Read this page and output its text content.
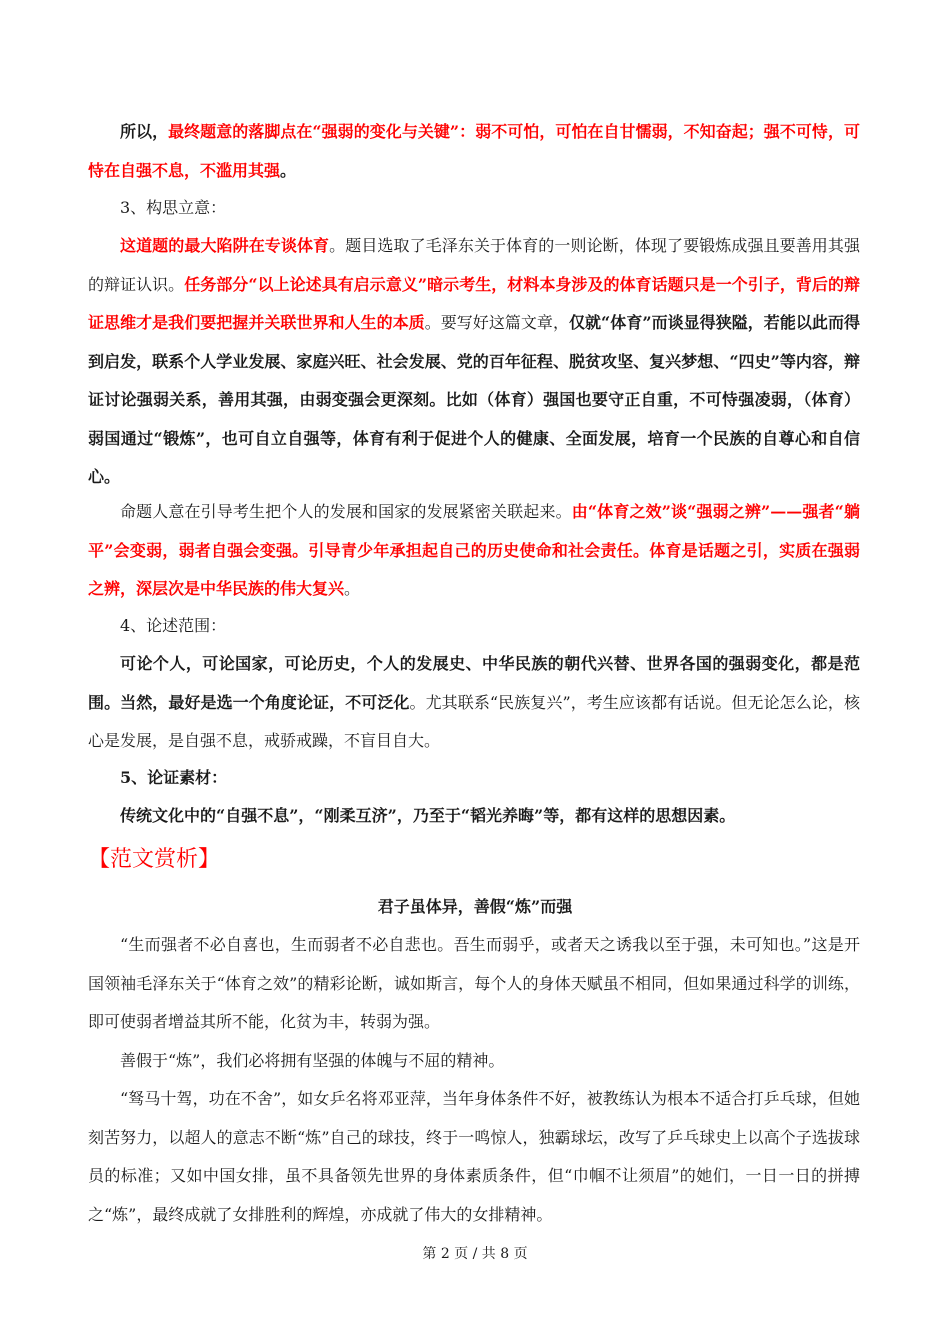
所以，最终题意的落脚点在“强弱的变化与关键”：弱不可怕，可怕在自甘懦弱，不知奋起；强不可恃，可恃在自强不息，不滥用其强。

3、构思立意：

这道题的最大陷阱在专谈体育。题目选取了毛泽东关于体育的一则论断，体现了要锻炼成强且要善用其强的辩证认识。任务部分“以上论述具有启示意义”暗示考生，材料本身涉及的体育话题只是一个引子，背后的辩证思维才是我们要把握并关联世界和人生的本质。要写好这篇文章，仅就“体育”而谈显得狭隘，若能以此而得到启发，联系个人学业发展、家庭兴旺、社会发展、党的百年征程、脱贫攻坚、复兴梦想、“四史”等内容，辩证讨论强弱关系，善用其强，由弱变强会更深刻。比如（体育）强国也要守正自重，不可恃强凌弱，（体育）弱国通过“锻炼”，也可自立自强等，体育有利于促进个人的健康、全面发展，培育一个民族的自尊心和自信心。

命题人意在引导考生把个人的发展和国家的发展紧密关联起来。由“体育之效”谈“强弱之辨”——强者“躺平”会变弱，弱者自强会变强。引导青少年承担起自己的历史使命和社会责任。体育是话题之引，实质在强弱之辨，深层次是中华民族的伟大复兴。

4、论述范围：

可论个人，可论国家，可论历史，个人的发展史、中华民族的朝代兴替、世界各国的强弱变化，都是范围。当然，最好是选一个角度论证，不可泛化。尤其联系“民族复兴”，考生应该都有话说。但无论怎么论，核心是发展，是自强不息，戒骄戒躁，不盲目自大。

5、论证素材：

传统文化中的“自强不息”，“刚柔互济”，乃至于“韬光养晦”等，都有这样的思想因素。

【范文赏析】
君子虽体异，善假“炼”而强

“生而强者不必自喜也，生而弱者不必自悲也。吾生而弱乎，或者天之诱我以至于强，未可知也。”这是开国领袖毛泽东关于“体育之效”的精彩论断，诚如斯言，每个人的身体天赋虽不相同，但如果通过科学的训练，即可使弱者增益其所不能，化贫为丰，转弱为强。

善假于“炼”，我们必将拥有坚强的体魄与不屈的精神。

“驽马十驾，功在不舍”，如女乒名将邓亚萍，当年身体条件不好，被教练认为根本不适合打乒乓球，但她刻苦努力，以超人的意志不断“炼”自己的球技，终于一鸣惊人，独霸球坛，改写了乒乓球史上以高个子选拔球员的标准；又如中国女排，虽不具备领先世界的身体素质条件，但“巾帼不让须眉”的她们，一日一日的拼搏之“炼”，最终成就了女排胜利的辉煌，亦成就了伟大的女排精神。

第 2 页 / 共 8 页
